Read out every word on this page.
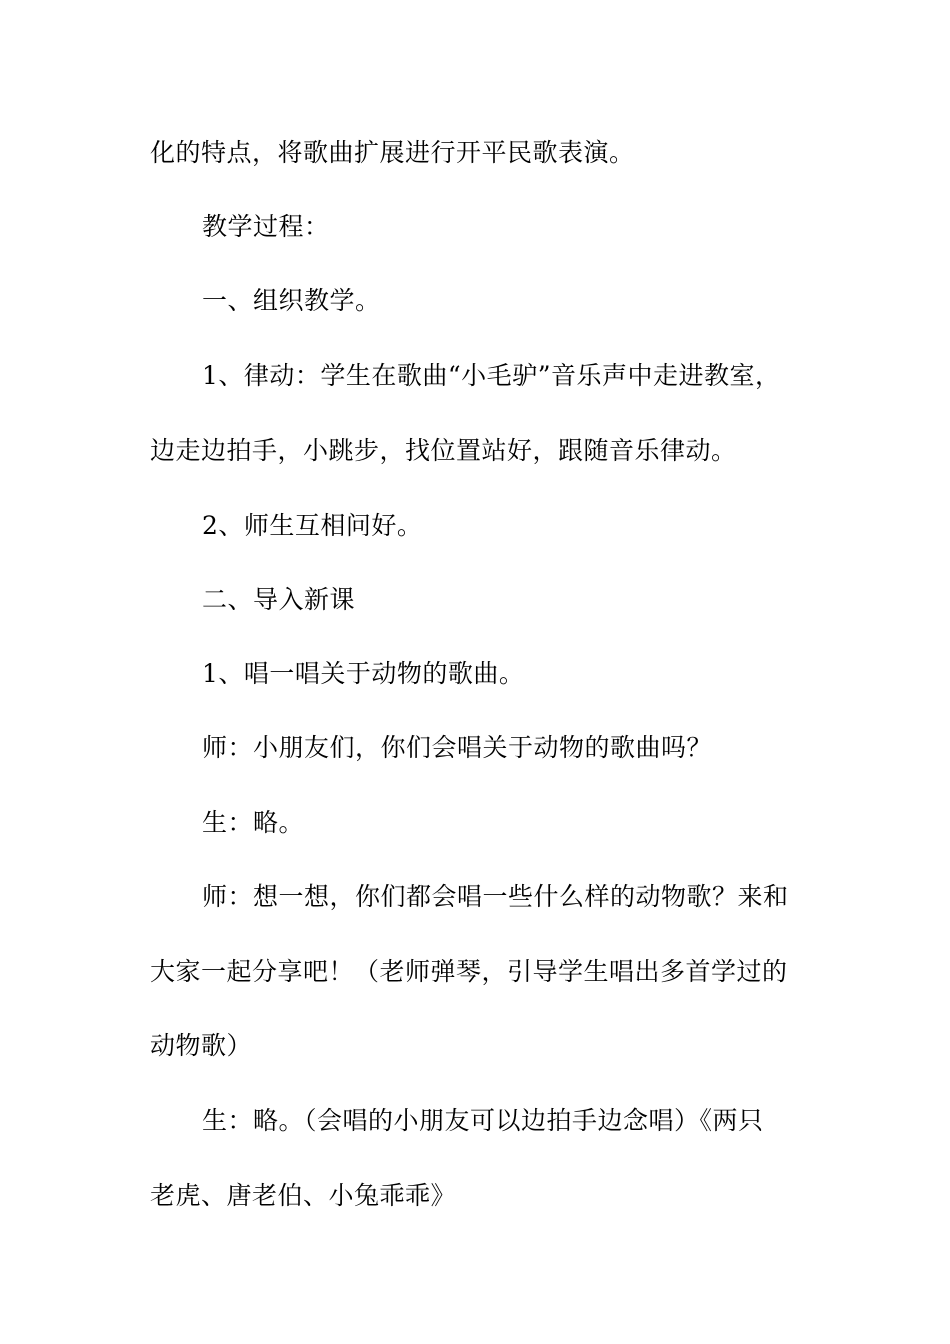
化的特点，将歌曲扩展进行开平民歌表演。
教学过程：
一、组织教学。
1、律动：学生在歌曲“小毛驴”音乐声中走进教室，
边走边拍手，小跳步，找位置站好，跟随音乐律动。
2、师生互相问好。
二、导入新课
1、唱一唱关于动物的歌曲。
师：小朋友们，你们会唱关于动物的歌曲吗？
生：略。
师：想一想，你们都会唱一些什么样的动物歌？来和
大家一起分享吧！（老师弹琴，引导学生唱出多首学过的
动物歌）
生：略。（会唱的小朋友可以边拍手边念唱）《两只
老虎、唐老伯、小兔乖乖》
